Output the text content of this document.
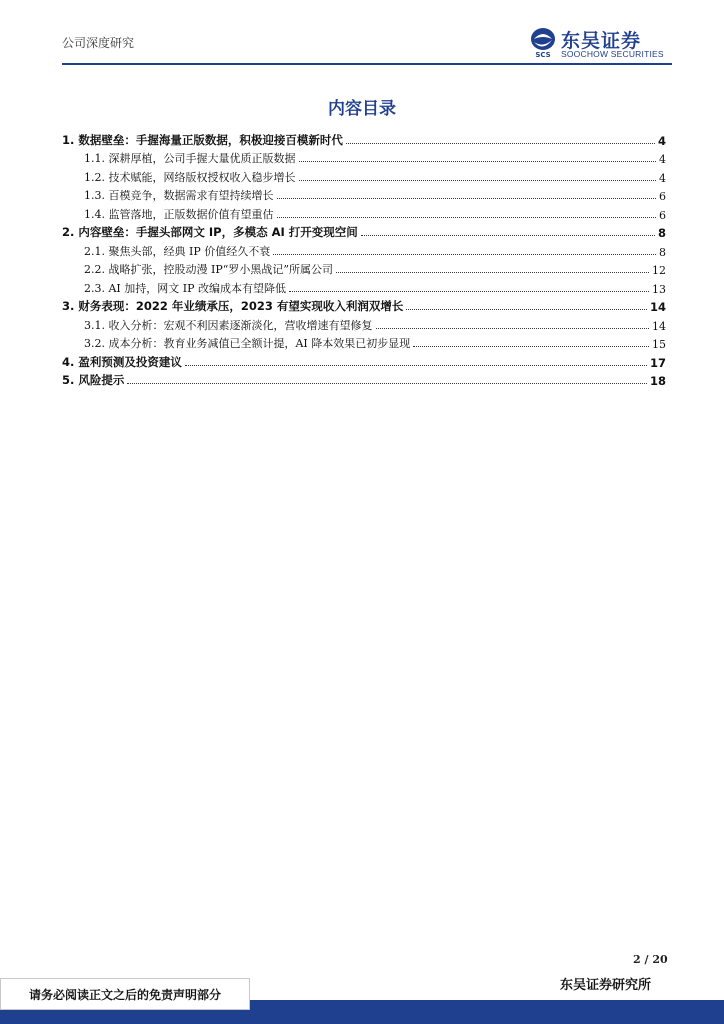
公司深度研究
SCS
东吴证券
SOOCHOW SECURITIES
内容目录
1. 数据壁垒：手握海量正版数据，积极迎接百模新时代	4
1.1. 深耕厚植，公司手握大量优质正版数据	4
1.2. 技术赋能，网络版权授权收入稳步增长	4
1.3. 百模竞争，数据需求有望持续增长	6
1.4. 监管落地，正版数据价值有望重估	6
2. 内容壁垒：手握头部网文 IP，多模态 AI 打开变现空间	8
2.1. 聚焦头部，经典 IP 价值经久不衰	8
2.2. 战略扩张，控股动漫 IP“罗小黑战记”所属公司	12
2.3. AI 加持，网文 IP 改编成本有望降低	13
3. 财务表现：2022 年业绩承压，2023 有望实现收入利润双增长	14
3.1. 收入分析：宏观不利因素逐渐淡化，营收增速有望修复	14
3.2. 成本分析：教育业务减值已全额计提，AI 降本效果已初步显现	15
4. 盈利预测及投资建议	17
5. 风险提示	18
2 / 20
东吴证券研究所
请务必阅读正文之后的免责声明部分
